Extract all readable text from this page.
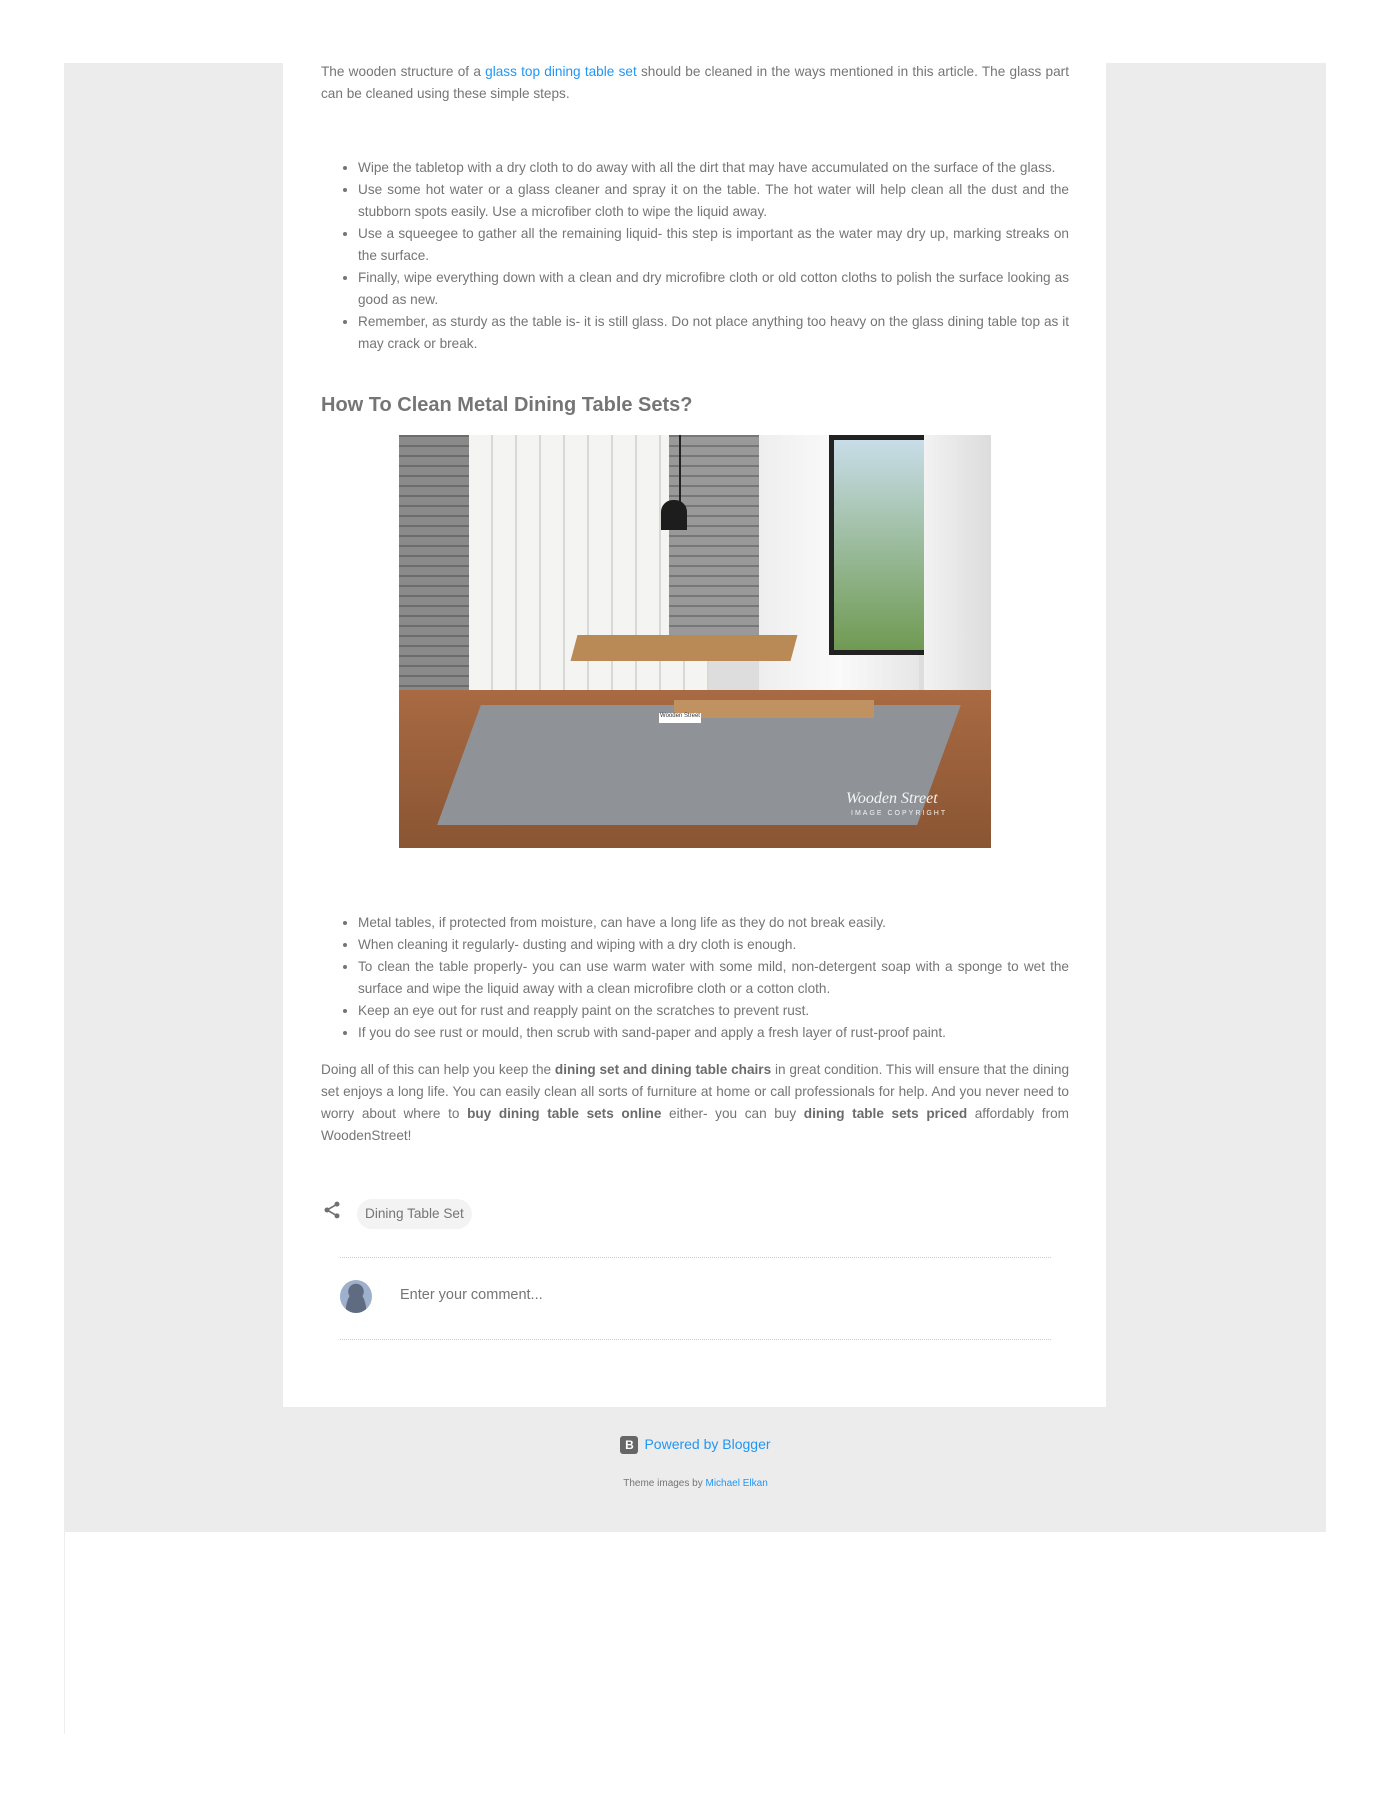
The wooden structure of a glass top dining table set should be cleaned in the ways mentioned in this article. The glass part can be cleaned using these simple steps.

• Wipe the tabletop with a dry cloth to do away with all the dirt that may have accumulated on the surface of the glass.
• Use some hot water or a glass cleaner and spray it on the table. The hot water will help clean all the dust and the stubborn spots easily. Use a microfiber cloth to wipe the liquid away.
• Use a squeegee to gather all the remaining liquid- this step is important as the water may dry up, marking streaks on the surface.
• Finally, wipe everything down with a clean and dry microfibre cloth or old cotton cloths to polish the surface looking as good as new.
• Remember, as sturdy as the table is- it is still glass. Do not place anything too heavy on the glass dining table top as it may crack or break.
How To Clean Metal Dining Table Sets?
Wooden Street
Wooden Street
IMAGE COPYRIGHT
• Metal tables, if protected from moisture, can have a long life as they do not break easily.
• When cleaning it regularly- dusting and wiping with a dry cloth is enough.
• To clean the table properly- you can use warm water with some mild, non-detergent soap with a sponge to wet the surface and wipe the liquid away with a clean microfibre cloth or a cotton cloth.
• Keep an eye out for rust and reapply paint on the scratches to prevent rust.
• If you do see rust or mould, then scrub with sand-paper and apply a fresh layer of rust-proof paint.

Doing all of this can help you keep the dining set and dining table chairs in great condition. This will ensure that the dining set enjoys a long life. You can easily clean all sorts of furniture at home or call professionals for help. And you never need to worry about where to buy dining table sets online either- you can buy dining table sets priced affordably from WoodenStreet!

Dining Table Set
Enter your comment...
B Powered by Blogger
Theme images by Michael Elkan
